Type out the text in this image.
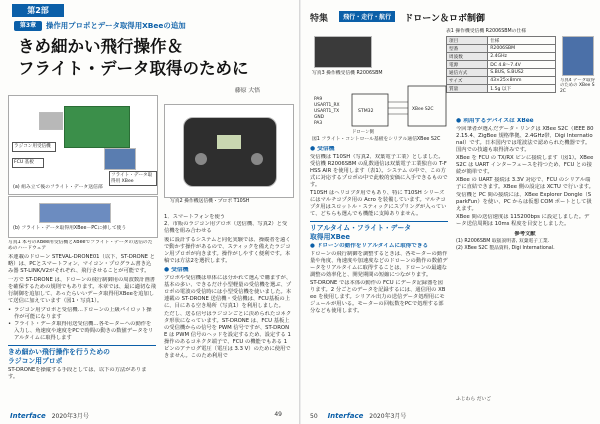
第2部
第3章	操作用プロポとデータ取得用XBeeの追加
きめ細かい飛行操作＆
フライト・データ取得のために
藤原 大悟
ラジコン用受信機
FCU 基板
フライト・データ取得用 XBee
(a) 組み立て後のフライト・データ送信部
(b) フライト・データ取得用XBee－PCに挿して使う
写真1 本号のXBee用受信機とXBeeでフライト・データの送信のためのハードウェア
写真2 操作機送信機・プロポ T10SH

本連載のドローン STEVAL-DRONE01（以下、ST-DRONE と略）は、PCとスマートフォン、マイコン・プログラム書き込み器 ST-LINK/V2がそれぞれ、飛行させることが可能です。

一方で ST-DRONE は、ドローンの飛行制御用の周波数計画書を確保するための規則でもあります。本章では、最に適切な飛行制御を追加して、あったらいいデータ取得用XBeeを追加して送信に加えています（図1・写真1）。

• ラジコン用プロポと受信機…ドローンの上級パイロット操作が可能になります
• フライト・データ取得用送受信機…各モーターへの動作を入力し、角速度や速度をPCで時間の動きの数値データをリアルタイムに取得します
きめ細かい飛行操作を行うための
ラジコン用プロポ

ST-DRONEを操縦する手段としては、以下の方法があります。

1．スマートフォンを使う
2．市販のラジコン用プロポ（送信機、写真2）と受信機を組み合わせる

後に設計するシステムと同化実験では、操縦者を遠くで動かす操作があるので、スティックを備えたラジコン用プロポが向きます。操作がしやすく便利です。本稿では方法2を選択します。

● 受信機

プロポや受信機は単体には分かれて選んで購ますが、基本の多い、できるだけ小型軽量の受信機を選ぶ、プロポの電波の受信時には小型受信機を使いました。本連載の ST-DRONE 送信機・受信機は、FCU基板の上に、目にある空き場所（写真1）を利用しました。

ただし、送る信号はラジコンごとに決められたコネクタ形状になっています。ST-DRONE は、FCU 基板上の受信機からの信号を PWM 信号ですが、ST-DRONE は PWM 信号のヘッドを設定するため、設定する 1 操作のあるコネクタ端子で、FCU の機能でもある 1 ピンのアナログ電圧（電圧は 3.3 V）のために使用できません。このため利用で

Interface 2020年3月号	49
特集	飛行・走行・航行 ドローン＆ロボ制御
写真3 操作機受信機 R2006SBM
表1 操作機受信機 R2006SBMの仕様
項目	仕様
型番	R2006SBM
周波数	2.4GHz
電源	DC 4.8～7.4V
通信方式	S.BUS, S.BUS2
サイズ	43×25×8mm
質量	1.5g 以下
写真4 データ取得のための XBee S2C
PA9
USART1_RX
USART1_TX
GND
PA3
STM32	XBee S2C
ドローン側
図1 フライト・コントロール基板をシリアル通信XBee S2C
● 受信機

受信機は T10SH（写真2、双葉電子工業）としました。受信機 R2006SBM の乱数通信は双葉電子工業独自の T-FHSS AIR を使用します（表1）。システム の中で、この方式に対応するプロポの中で此較的安価に入手できるものです。

T10SH はヘリコプタ用でもあり、特に T10SH シリーズにはマルチコプタ用の Acro を装備しています。マルチコプタ用はスロットル・スティックにスプリングが入っていて、どちらも選んでも機能に支障ありません。

リアルタイム・フライト・データ
取得用XBee
● ドローンの動作をリアルタイムに取得できる

ドローンの飛行制御を調整するときは、各モーターの動作量や角度、角速度や加速度などのドローンの動作の数値データをリアルタイムに取得することは、ドローンの最適な調整の効率化と、開発期間の短縮につながります。

ST-DRONE では本体の動作の FCU にデータ記録器を図ります。2 分ごとのデータを記録するには、通信用の XBee を使用します。シリアル出力の送信データ処理用にモジュールが用いる。モーターの回転数をPCで処理する部分なども使用します。

● 利用するデバイスは XBee

今回筆者が選んだデータ・リンクは XBee S2C（IEEE 802.15.4、ZigBee 規格準拠、2.4GHz帯、Digi International）です。日本国内では電波法で認められた機器です。国内での技適も取得済みです。

XBee を FCU の TX/RX ピンに接続します（図1）。XBee S2C は UART インターフェースを持つため、FCU との接続が簡単です。

XBee の UART 接続は 3.3V 対応で、FCU のシリアル端子に直結できます。XBee 側の設定は XCTU で行います。

受信機と PC 間の接続には、XBee Explorer Dongle（SparkFun）を使い、PC からは仮想 COM ポートとして扱えます。

XBee 間の送信速度は 115200bps に設定しました。データ送信周期は 10ms 程度を目安としました。

参考文献
(1) R2006SBM 取扱説明書, 双葉電子工業.
(2) XBee S2C 製品資料, Digi International.
ふじわら だいご
50 Interface 2020年3月号
